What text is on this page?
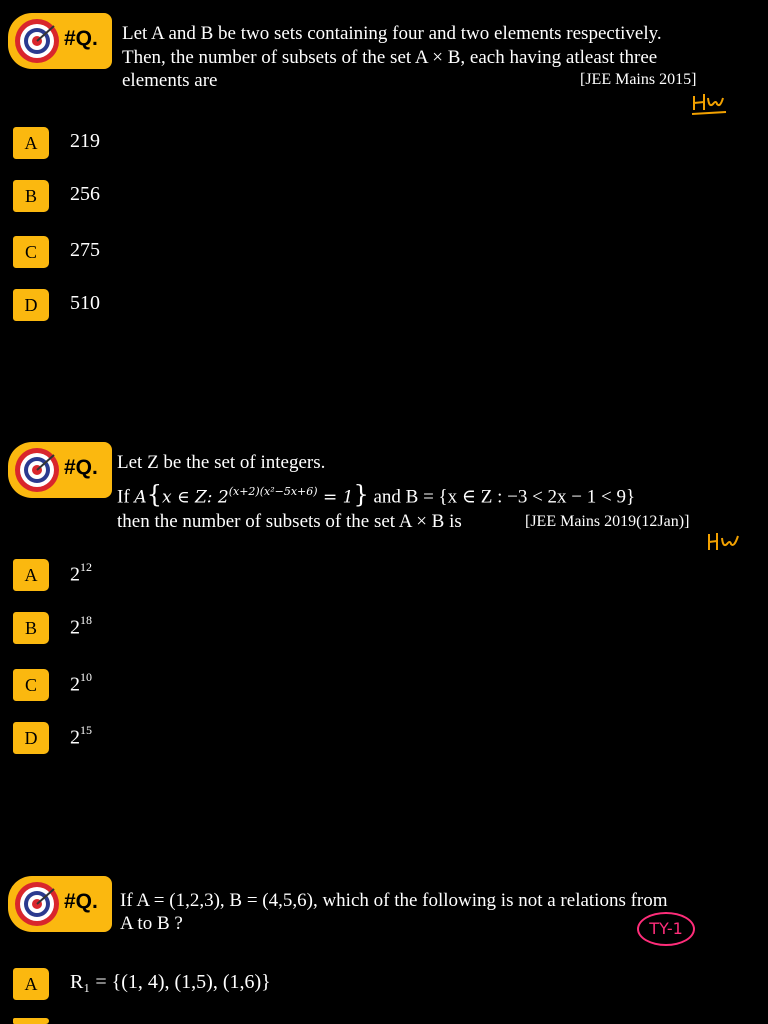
#Q. Let A and B be two sets containing four and two elements respectively.
Then, the number of subsets of the set A × B, each having atleast three
elements are	[JEE Mains 2015]
HW
A	219
B	256
C	275
D	510
#Q. Let Z be the set of integers.
If A{x ∈ Z: $2^{(x+2)(x^2-5x+6)} = 1$} and B = {x ∈ Z : −3 < 2x − 1 < 9}
then the number of subsets of the set A × B is	[JEE Mains 2019(12Jan)]	HW
A	$2^{12}$
B	$2^{18}$
C	$2^{10}$
D	$2^{15}$
#Q. If A = (1,2,3), B = (4,5,6), which of the following is not a relations from
A to B ?	TY-1
A	R₁ = {(1, 4), (1,5), (1,6)}
